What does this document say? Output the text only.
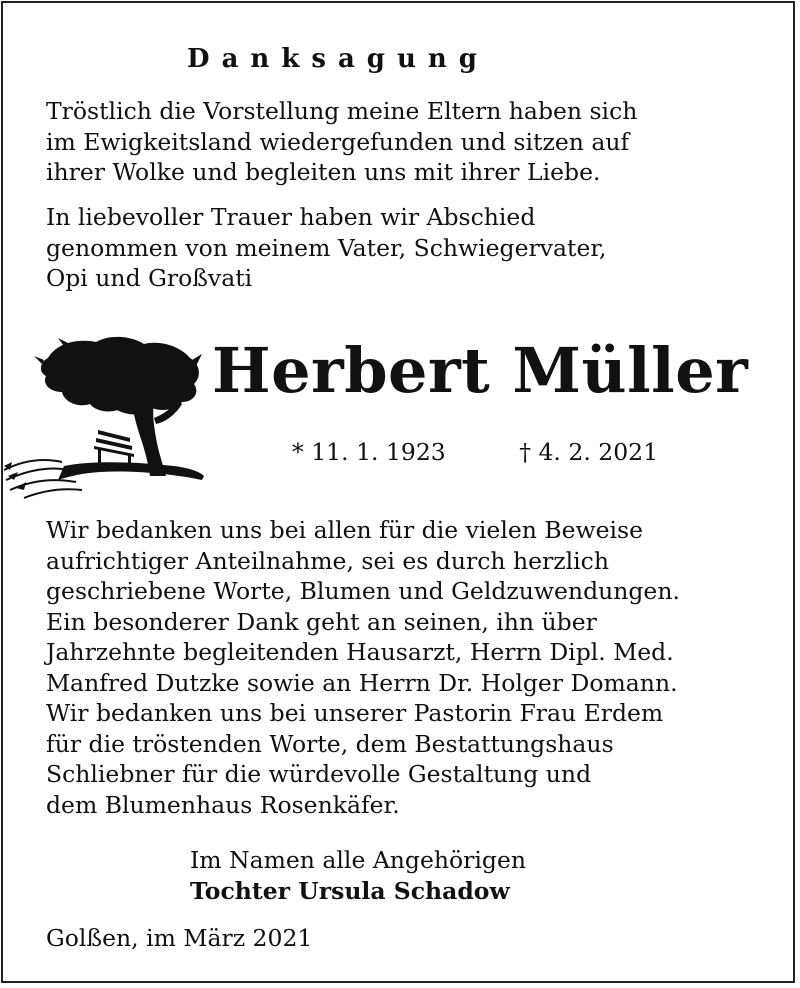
Danksagung

Tröstlich die Vorstellung meine Eltern haben sich
im Ewigkeitsland wiedergefunden und sitzen auf
ihrer Wolke und begleiten uns mit ihrer Liebe.

In liebevoller Trauer haben wir Abschied
genommen von meinem Vater, Schwiegervater,
Opi und Großvati

Herbert Müller
* 11. 1. 1923	† 4. 2. 2021

Wir bedanken uns bei allen für die vielen Beweise
aufrichtiger Anteilnahme, sei es durch herzlich
geschriebene Worte, Blumen und Geldzuwendungen.
Ein besonderer Dank geht an seinen, ihn über
Jahrzehnte begleitenden Hausarzt, Herrn Dipl. Med.
Manfred Dutzke sowie an Herrn Dr. Holger Domann.
Wir bedanken uns bei unserer Pastorin Frau Erdem
für die tröstenden Worte, dem Bestattungshaus
Schliebner für die würdevolle Gestaltung und
dem Blumenhaus Rosenkäfer.

Im Namen alle Angehörigen
Tochter Ursula Schadow

Golßen, im März 2021
